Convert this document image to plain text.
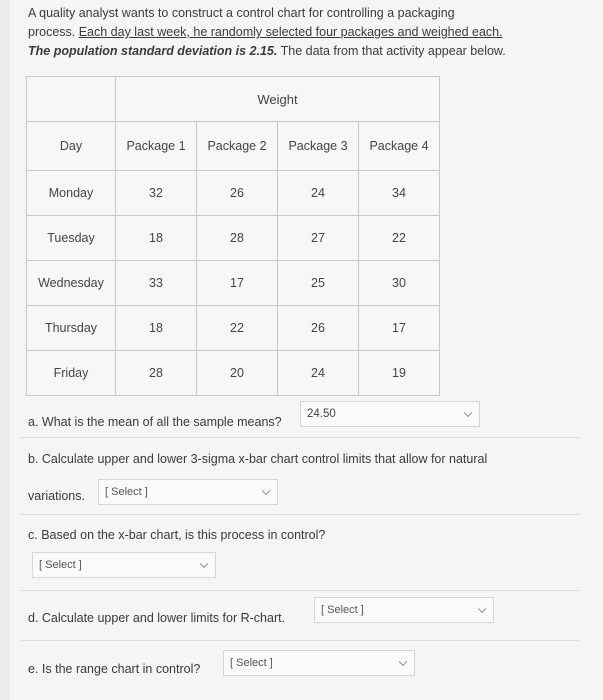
A quality analyst wants to construct a control chart for controlling a packaging
process. Each day last week, he randomly selected four packages and weighed each.
The population standard deviation is 2.15. The data from that activity appear below.
	Weight			
Day	Package 1	Package 2	Package 3	Package 4
Monday	32	26	24	34
Tuesday	18	28	27	22
Wednesday	33	17	25	30
Thursday	18	22	26	17
Friday	28	20	24	19
a. What is the mean of all the sample means?
24.50
b. Calculate upper and lower 3-sigma x-bar chart control limits that allow for natural
variations. [ Select ]
c. Based on the x-bar chart, is this process in control?
[ Select ]
d. Calculate upper and lower limits for R-chart.
[ Select ]
e. Is the range chart in control?	[ Select ]
